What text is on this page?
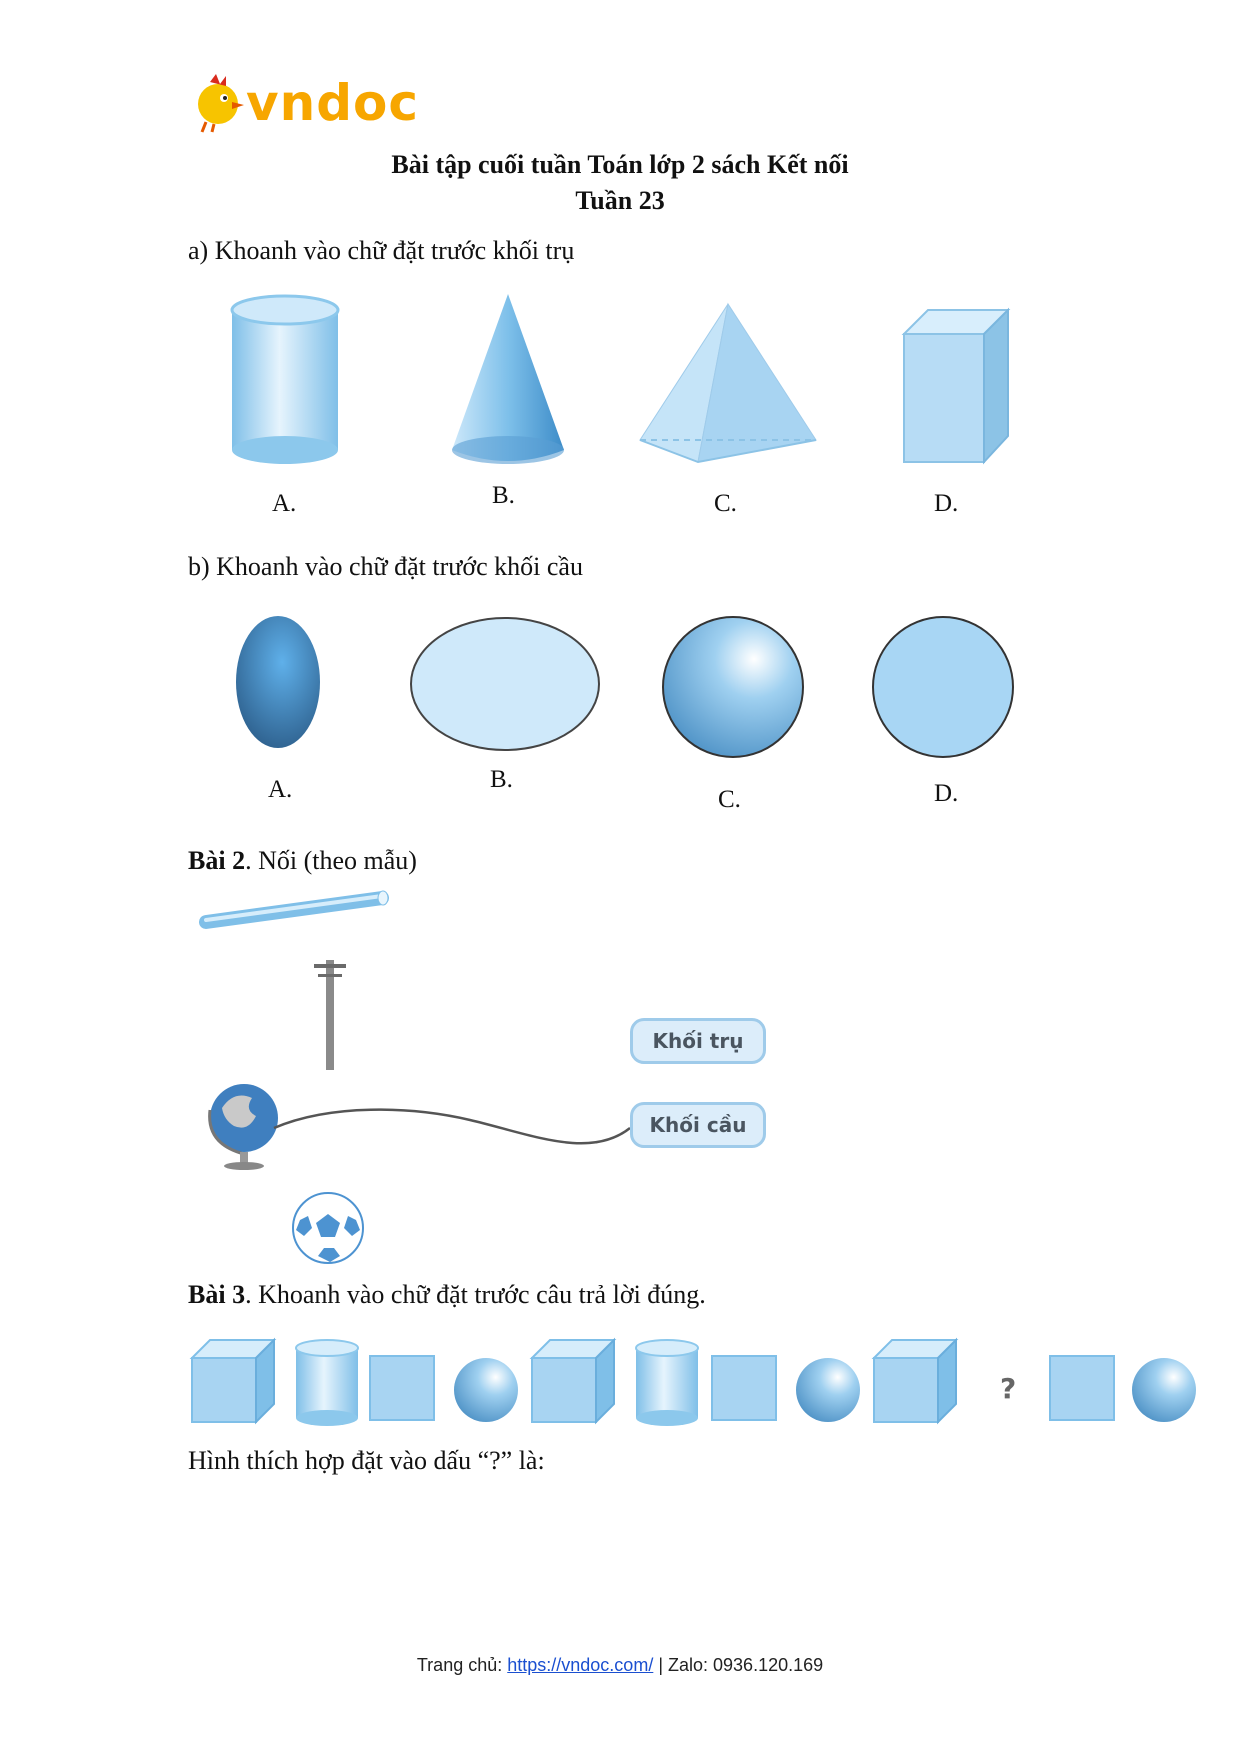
vndoc
Bài tập cuối tuần Toán lớp 2 sách Kết nối
Tuần 23
a) Khoanh vào chữ đặt trước khối trụ
A.	B.	C.	D.
b) Khoanh vào chữ đặt trước khối cầu
A.	B.
C.	D.
Bài 2. Nối (theo mẫu)
Khối trụ
Khối cầu
Bài 3. Khoanh vào chữ đặt trước câu trả lời đúng.
?
Hình thích hợp đặt vào dấu “?” là:
Trang chủ: https://vndoc.com/ | Zalo: 0936.120.169
